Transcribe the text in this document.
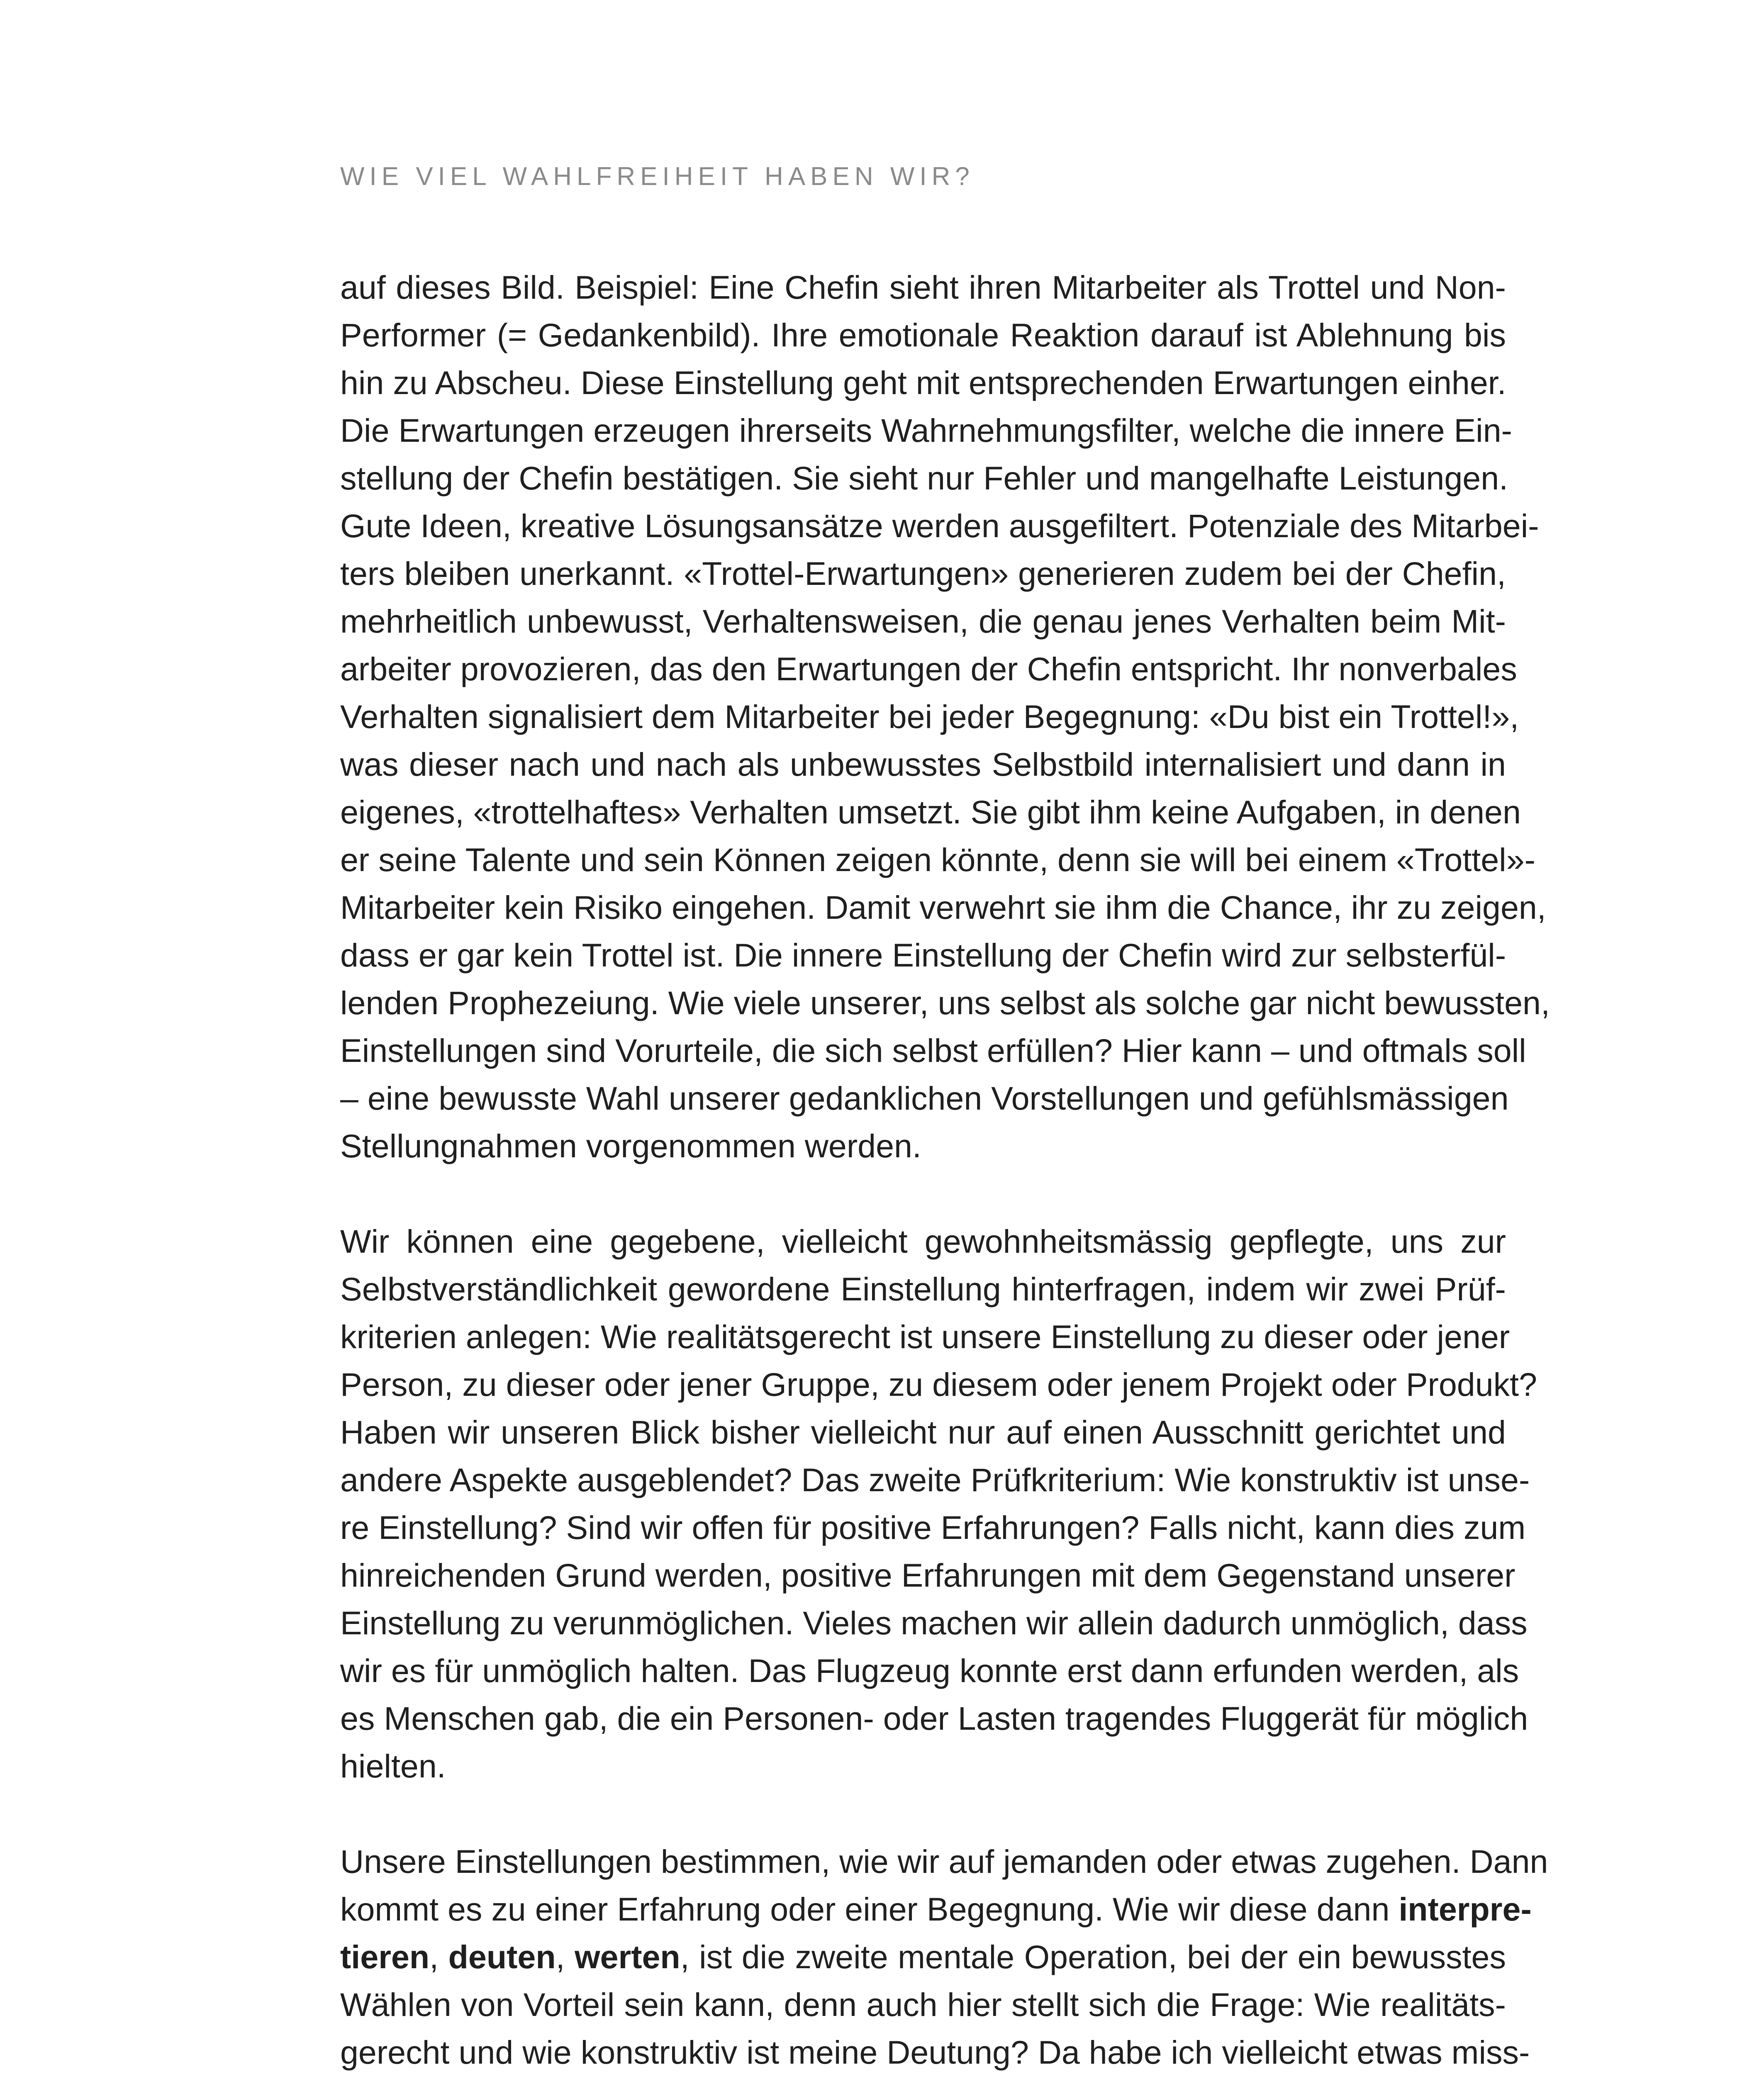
WIE VIEL WAHLFREIHEIT HABEN WIR?

auf dieses Bild. Beispiel: Eine Chefin sieht ihren Mitarbeiter als Trottel und Non-
Performer (= Gedankenbild). Ihre emotionale Reaktion darauf ist Ablehnung bis
hin zu Abscheu. Diese Einstellung geht mit entsprechenden Erwartungen einher.
Die Erwartungen erzeugen ihrerseits Wahrnehmungsfilter, welche die innere Ein-
stellung der Chefin bestätigen. Sie sieht nur Fehler und mangelhafte Leistungen.
Gute Ideen, kreative Lösungsansätze werden ausgefiltert. Potenziale des Mitarbei-
ters bleiben unerkannt. «Trottel-Erwartungen» generieren zudem bei der Chefin,
mehrheitlich unbewusst, Verhaltensweisen, die genau jenes Verhalten beim Mit-
arbeiter provozieren, das den Erwartungen der Chefin entspricht. Ihr nonverbales
Verhalten signalisiert dem Mitarbeiter bei jeder Begegnung: «Du bist ein Trottel!»,
was dieser nach und nach als unbewusstes Selbstbild internalisiert und dann in
eigenes, «trottelhaftes» Verhalten umsetzt. Sie gibt ihm keine Aufgaben, in denen
er seine Talente und sein Können zeigen könnte, denn sie will bei einem «Trottel»-
Mitarbeiter kein Risiko eingehen. Damit verwehrt sie ihm die Chance, ihr zu zeigen,
dass er gar kein Trottel ist. Die innere Einstellung der Chefin wird zur selbsterfül-
lenden Prophezeiung. Wie viele unserer, uns selbst als solche gar nicht bewussten,
Einstellungen sind Vorurteile, die sich selbst erfüllen? Hier kann – und oftmals soll
– eine bewusste Wahl unserer gedanklichen Vorstellungen und gefühlsmässigen
Stellungnahmen vorgenommen werden.

Wir können eine gegebene, vielleicht gewohnheitsmässig gepflegte, uns zur
Selbstverständlichkeit gewordene Einstellung hinterfragen, indem wir zwei Prüf-
kriterien anlegen: Wie realitätsgerecht ist unsere Einstellung zu dieser oder jener
Person, zu dieser oder jener Gruppe, zu diesem oder jenem Projekt oder Produkt?
Haben wir unseren Blick bisher vielleicht nur auf einen Ausschnitt gerichtet und
andere Aspekte ausgeblendet? Das zweite Prüfkriterium: Wie konstruktiv ist unse-
re Einstellung? Sind wir offen für positive Erfahrungen? Falls nicht, kann dies zum
hinreichenden Grund werden, positive Erfahrungen mit dem Gegenstand unserer
Einstellung zu verunmöglichen. Vieles machen wir allein dadurch unmöglich, dass
wir es für unmöglich halten. Das Flugzeug konnte erst dann erfunden werden, als
es Menschen gab, die ein Personen- oder Lasten tragendes Fluggerät für möglich
hielten.

Unsere Einstellungen bestimmen, wie wir auf jemanden oder etwas zugehen. Dann
kommt es zu einer Erfahrung oder einer Begegnung. Wie wir diese dann interpre-
tieren, deuten, werten, ist die zweite mentale Operation, bei der ein bewusstes
Wählen von Vorteil sein kann, denn auch hier stellt sich die Frage: Wie realitäts-
gerecht und wie konstruktiv ist meine Deutung? Da habe ich vielleicht etwas miss-
